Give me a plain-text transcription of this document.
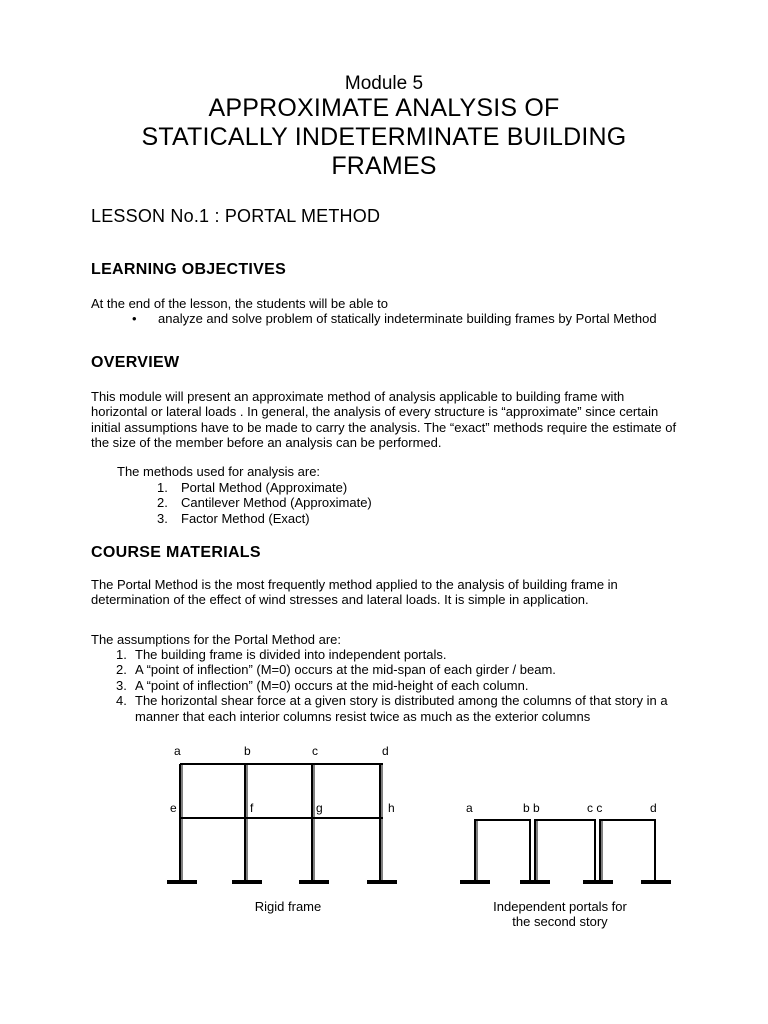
Module 5
APPROXIMATE ANALYSIS OF
STATICALLY INDETERMINATE BUILDING
FRAMES
LESSON No.1 : PORTAL METHOD
LEARNING OBJECTIVES
At the end of the lesson, the students will be able to
• analyze and solve problem of statically indeterminate building frames by Portal Method
OVERVIEW
This module will present an approximate method of analysis applicable to building frame with horizontal or lateral loads . In general, the analysis of every structure is “approximate” since certain initial assumptions have to be made to carry the analysis. The “exact” methods require the estimate of the size of the member before an analysis can be performed.
The methods used for analysis are:
1. Portal Method (Approximate)
2. Cantilever Method (Approximate)
3. Factor Method (Exact)
COURSE MATERIALS
The Portal Method is the most frequently method applied to the analysis of building frame in determination of the effect of wind stresses and lateral loads. It is simple in application.
The assumptions for the Portal Method are:
1. The building frame is divided into independent portals.
2. A “point of inflection” (M=0) occurs at the mid-span of each girder / beam.
3. A “point of inflection” (M=0) occurs at the mid-height of each column.
4. The horizontal shear force at a given story is distributed among the columns of that story in a manner that each interior columns resist twice as much as the exterior columns
a	b	c	d
e	f	g	h	a	b b	c c	d
Rigid frame	Independent portals for
the second story
